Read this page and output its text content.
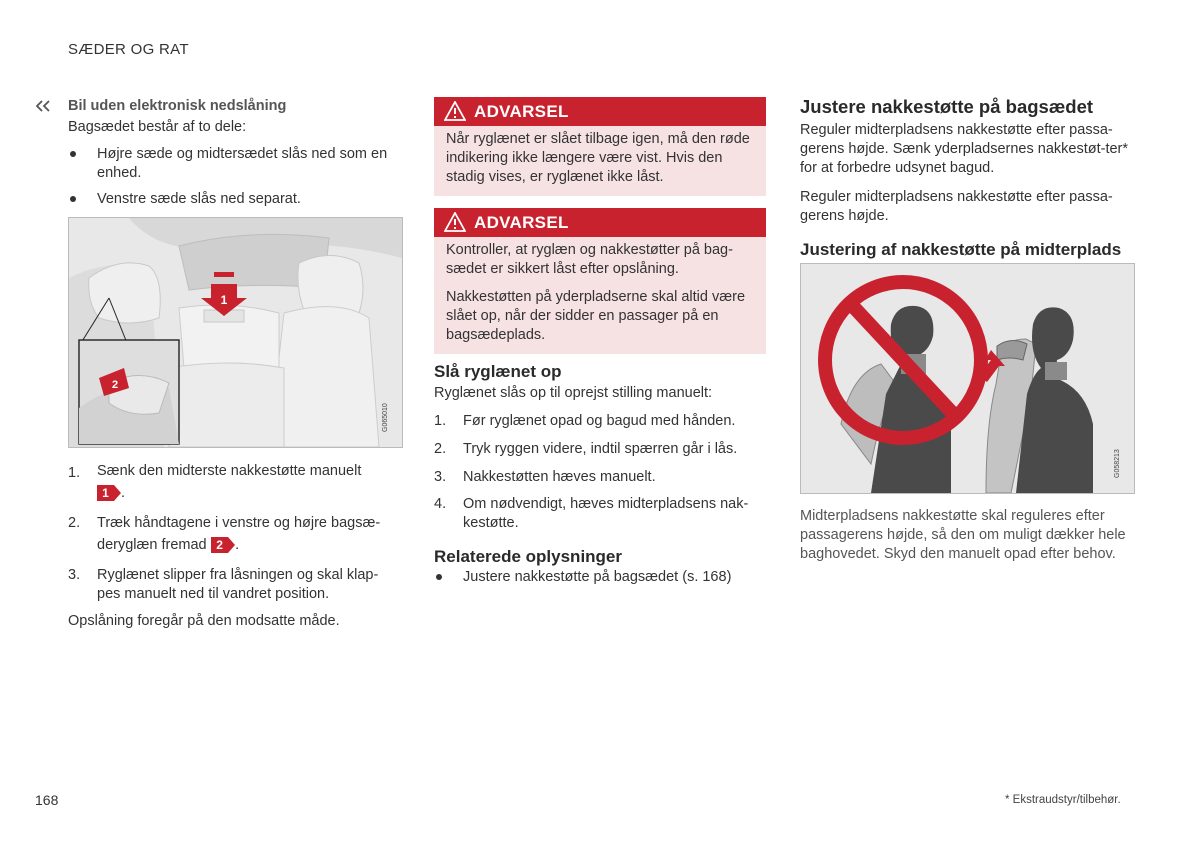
SÆDER OG RAT
Bil uden elektronisk nedslåning
Bagsædet består af to dele:
Højre sæde og midtersædet slås ned som en enhed.
Venstre sæde slås ned separat.
1
2
G065010
1. Sænk den midterste nakkestøtte manuelt
1 .
2. Træk håndtagene i venstre og højre bagsæ-
deryglæn fremad 2 .
3. Ryglænet slipper fra låsningen og skal klap-pes manuelt ned til vandret position.
Opslåning foregår på den modsatte måde.
ADVARSEL
Når ryglænet er slået tilbage igen, må den røde indikering ikke længere være vist. Hvis den stadig vises, er ryglænet ikke låst.
ADVARSEL
Kontroller, at ryglæn og nakkestøtter på bag-sædet er sikkert låst efter opslåning.
Nakkestøtten på yderpladserne skal altid være slået op, når der sidder en passager på en bagsædeplads.
Slå ryglænet op
Ryglænet slås op til oprejst stilling manuelt:
1. Før ryglænet opad og bagud med hånden.
2. Tryk ryggen videre, indtil spærren går i lås.
3. Nakkestøtten hæves manuelt.
4. Om nødvendigt, hæves midterpladsens nak-kestøtte.
Relaterede oplysninger
Justere nakkestøtte på bagsædet (s. 168)
Justere nakkestøtte på bagsædet
Reguler midterpladsens nakkestøtte efter passa-gerens højde. Sænk yderpladsernes nakkestøt-ter* for at forbedre udsynet bagud.
Reguler midterpladsens nakkestøtte efter passa-gerens højde.
Justering af nakkestøtte på midterplads
G058213
Midterpladsens nakkestøtte skal reguleres efter passagerens højde, så den om muligt dækker hele baghovedet. Skyd den manuelt opad efter behov.
168	* Ekstraudstyr/tilbehør.
